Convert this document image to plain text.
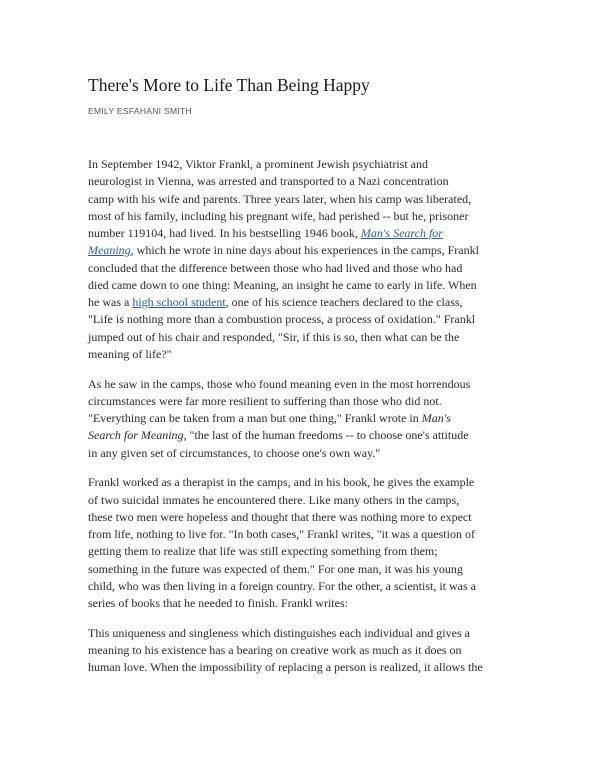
There's More to Life Than Being Happy
EMILY ESFAHANI SMITH

In September 1942, Viktor Frankl, a prominent Jewish psychiatrist and
neurologist in Vienna, was arrested and transported to a Nazi concentration
camp with his wife and parents. Three years later, when his camp was liberated,
most of his family, including his pregnant wife, had perished -- but he, prisoner
number 119104, had lived. In his bestselling 1946 book, Man's Search for
Meaning, which he wrote in nine days about his experiences in the camps, Frankl
concluded that the difference between those who had lived and those who had
died came down to one thing: Meaning, an insight he came to early in life. When
he was a high school student, one of his science teachers declared to the class,
"Life is nothing more than a combustion process, a process of oxidation." Frankl
jumped out of his chair and responded, "Sir, if this is so, then what can be the
meaning of life?"

As he saw in the camps, those who found meaning even in the most horrendous
circumstances were far more resilient to suffering than those who did not.
"Everything can be taken from a man but one thing," Frankl wrote in Man's
Search for Meaning, "the last of the human freedoms -- to choose one's attitude
in any given set of circumstances, to choose one's own way."

Frankl worked as a therapist in the camps, and in his book, he gives the example
of two suicidal inmates he encountered there. Like many others in the camps,
these two men were hopeless and thought that there was nothing more to expect
from life, nothing to live for. "In both cases," Frankl writes, "it was a question of
getting them to realize that life was still expecting something from them;
something in the future was expected of them." For one man, it was his young
child, who was then living in a foreign country. For the other, a scientist, it was a
series of books that he needed to finish. Frankl writes:

This uniqueness and singleness which distinguishes each individual and gives a
meaning to his existence has a bearing on creative work as much as it does on
human love. When the impossibility of replacing a person is realized, it allows the
